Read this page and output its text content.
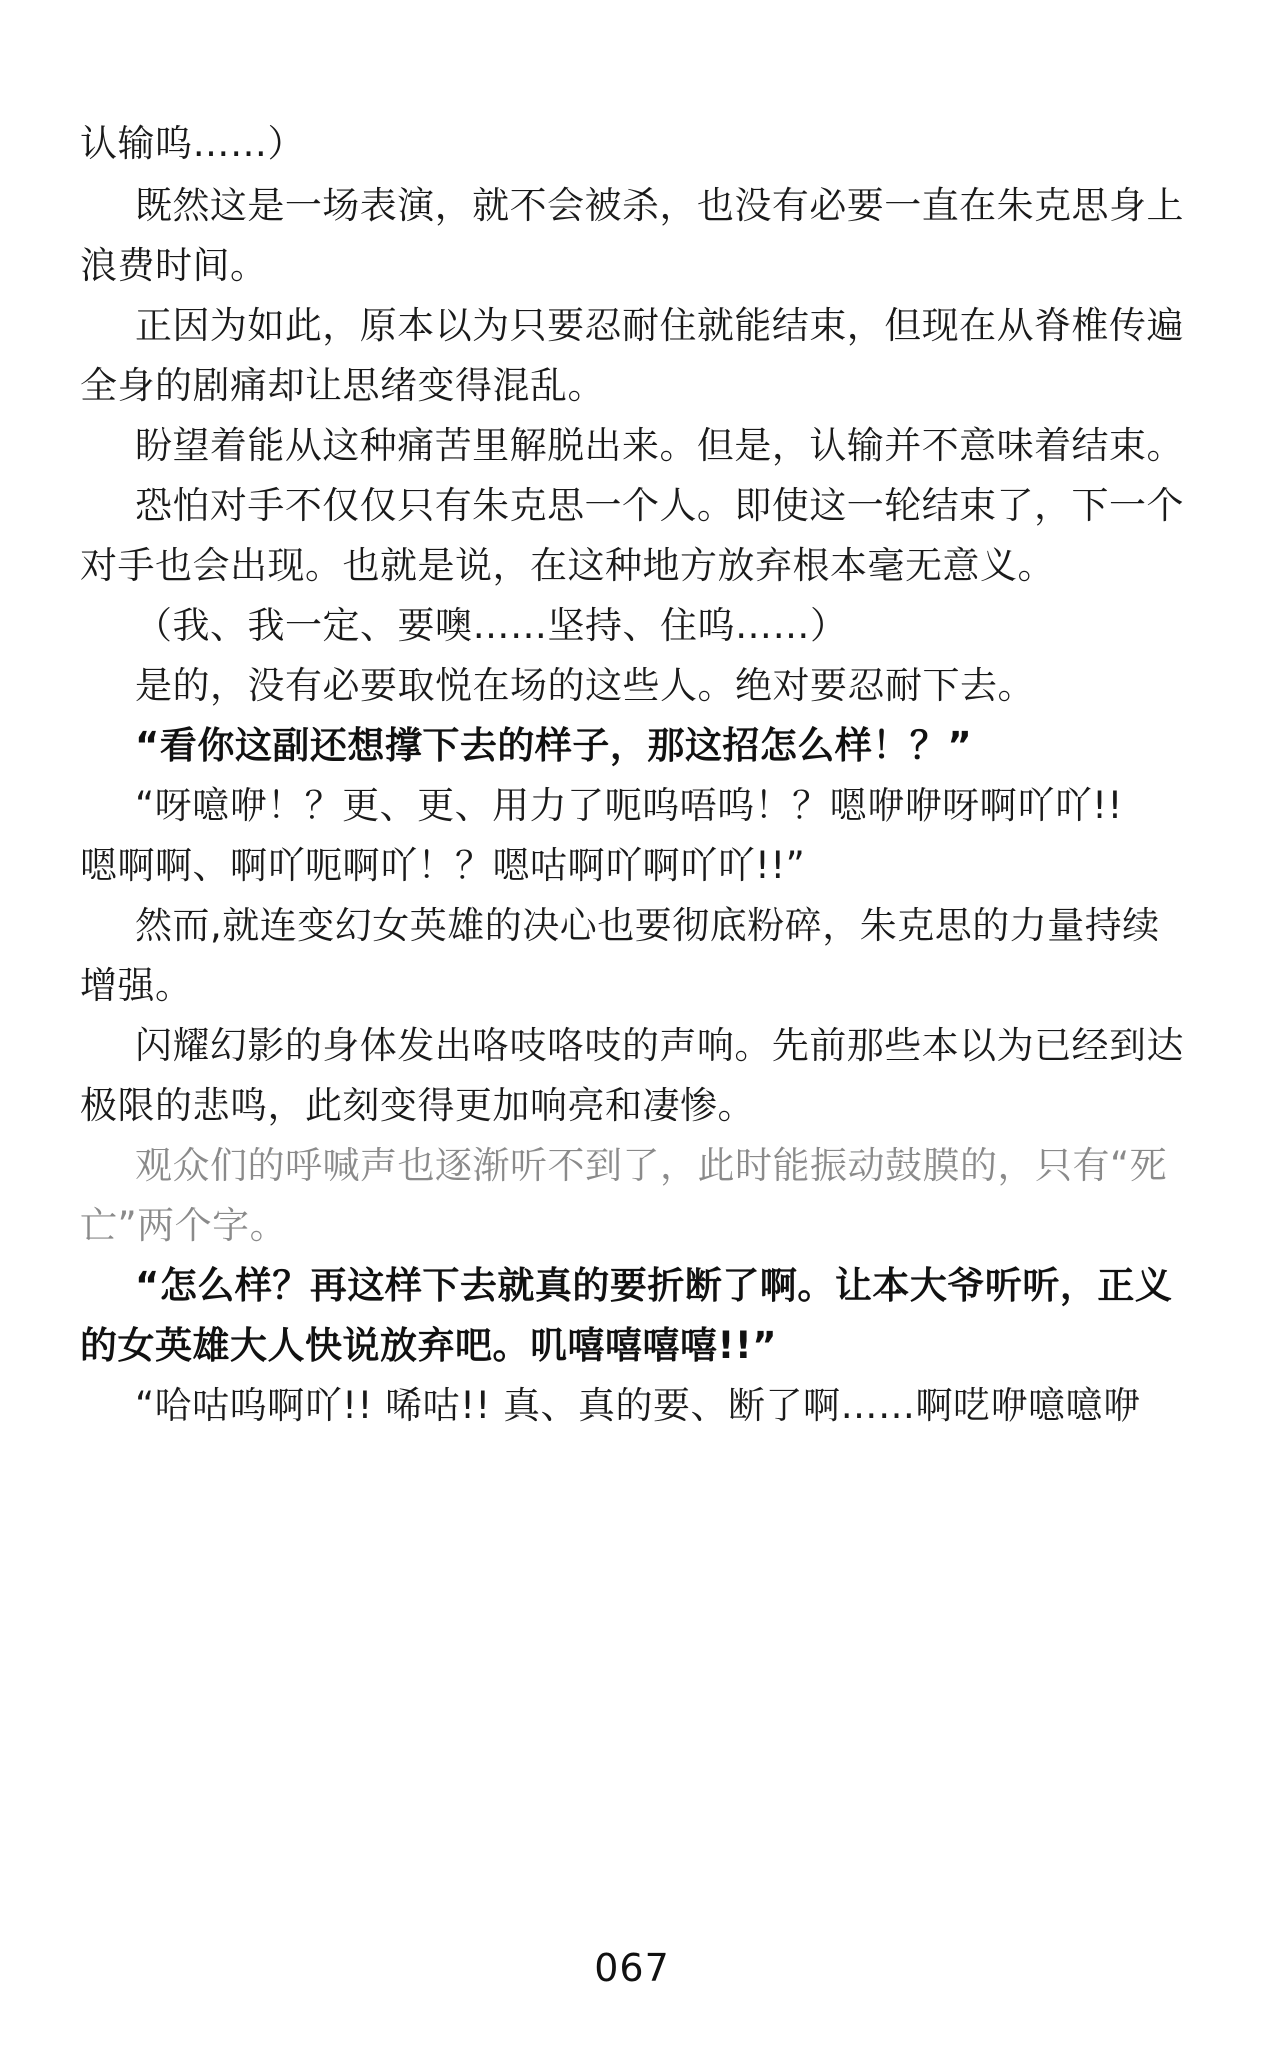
认输呜……）
既然这是一场表演，就不会被杀，也没有必要一直在朱克思身上
浪费时间。
正因为如此，原本以为只要忍耐住就能结束，但现在从脊椎传遍
全身的剧痛却让思绪变得混乱。
盼望着能从这种痛苦里解脱出来。但是，认输并不意味着结束。
恐怕对手不仅仅只有朱克思一个人。即使这一轮结束了，下一个
对手也会出现。也就是说，在这种地方放弃根本毫无意义。
（我、我一定、要噢……坚持、住呜……）
是的，没有必要取悦在场的这些人。绝对要忍耐下去。
“看你这副还想撑下去的样子，那这招怎么样！？”
“呀噫咿！？更、更、用力了呃呜唔呜！？嗯咿咿呀啊吖吖!!
嗯啊啊、啊吖呃啊吖！？嗯咕啊吖啊吖吖!!”
然而,就连变幻女英雄的决心也要彻底粉碎，朱克思的力量持续
增强。
闪耀幻影的身体发出咯吱咯吱的声响。先前那些本以为已经到达
极限的悲鸣，此刻变得更加响亮和凄惨。
观众们的呼喊声也逐渐听不到了，此时能振动鼓膜的，只有“死
亡”两个字。
“怎么样？再这样下去就真的要折断了啊。让本大爷听听，正义
的女英雄大人快说放弃吧。叽嘻嘻嘻嘻!!”
“哈咕呜啊吖!! 唏咕!! 真、真的要、断了啊……啊呓咿噫噫咿
067
